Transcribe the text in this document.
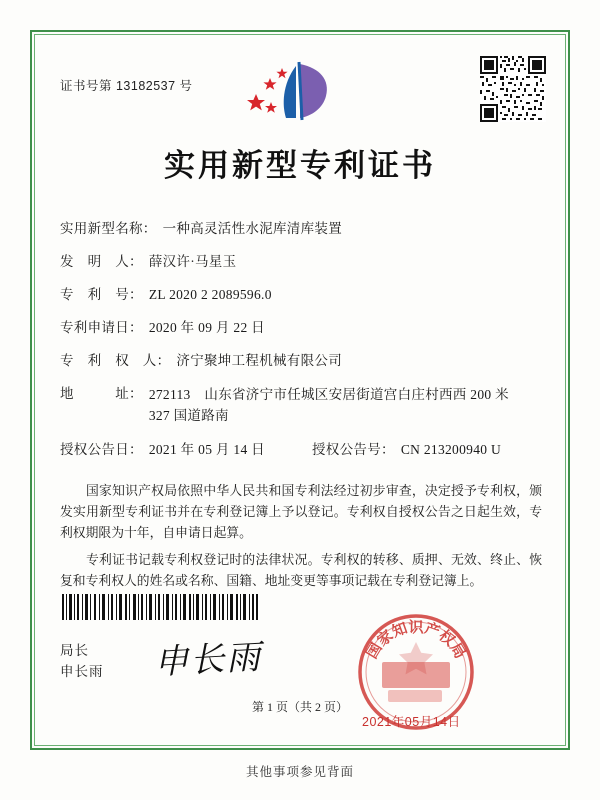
证书号第 13182537 号
实用新型专利证书
实用新型名称： 一种高灵活性水泥库清库装置
发　明　人： 薛汉许·马星玉
专　利　号： ZL 2020 2 2089596.0
专利申请日： 2020 年 09 月 22 日
专　利　权　人： 济宁聚坤工程机械有限公司
地　　　址： 272113　山东省济宁市任城区安居街道宫白庄村西西 200 米
327 国道路南
授权公告日： 2021 年 05 月 14 日	授权公告号： CN 213200940 U

国家知识产权局依照中华人民共和国专利法经过初步审查，决定授予专利权，颁发实用新型专利证书并在专利登记簿上予以登记。专利权自授权公告之日起生效，专利权期限为十年，自申请日起算。

专利证书记载专利权登记时的法律状况。专利权的转移、质押、无效、终止、恢复和专利权人的姓名或名称、国籍、地址变更等事项记载在专利登记簿上。

局长
申长雨 申长雨	国家知识产权局
2021年05月14日
第 1 页（共 2 页）
其他事项参见背面
